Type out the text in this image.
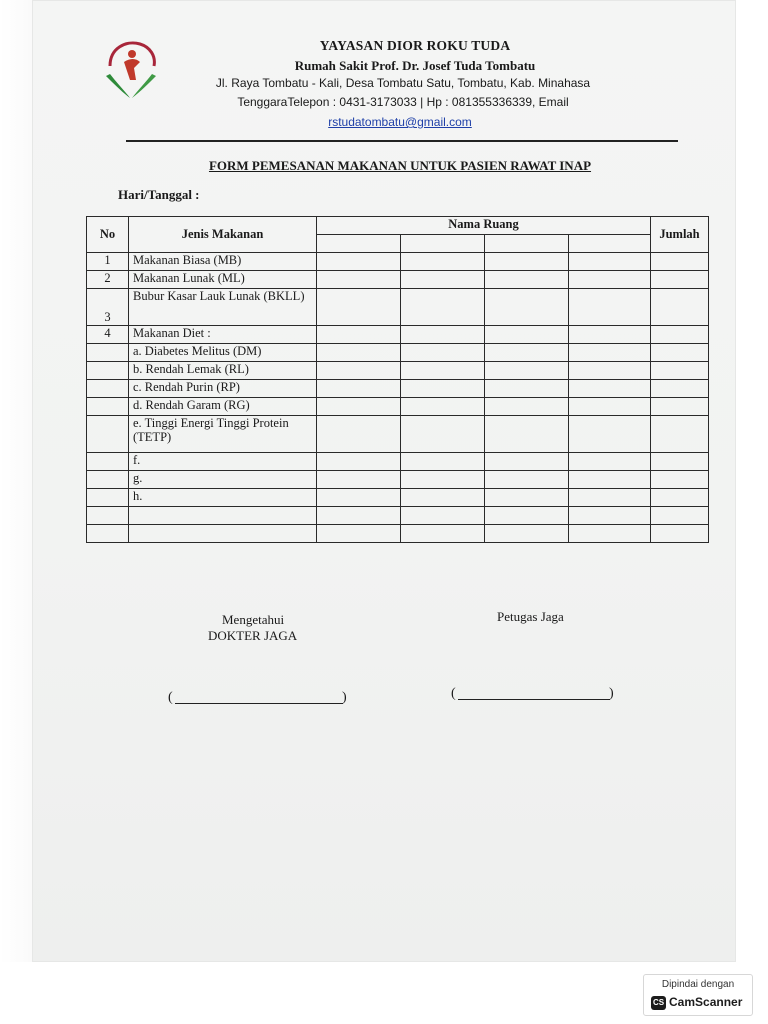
YAYASAN DIOR ROKU TUDA
Rumah Sakit Prof. Dr. Josef Tuda Tombatu
Jl. Raya Tombatu - Kali, Desa Tombatu Satu, Tombatu, Kab. Minahasa
TenggaraTelepon : 0431-3173033 | Hp : 081355336339, Email
rstudatombatu@gmail.com
FORM PEMESANAN MAKANAN UNTUK PASIEN RAWAT INAP
Hari/Tanggal :
No	Jenis Makanan	Nama Ruang				Jumlah

1	Makanan Biasa (MB)					
2	Makanan Lunak (ML)					
3	Bubur Kasar Lauk Lunak (BKLL)					
4	Makanan Diet :					
	a. Diabetes Melitus (DM)					
	b. Rendah Lemak (RL)					
	c. Rendah Purin (RP)					
	d. Rendah Garam (RG)					
	e. Tinggi Energi Tinggi Protein (TETP)					
	f.					
	g.					
	h.					

Mengetahui
DOKTER JAGA
Petugas Jaga
(	)	(	)
Dipindai dengan
CS CamScanner
